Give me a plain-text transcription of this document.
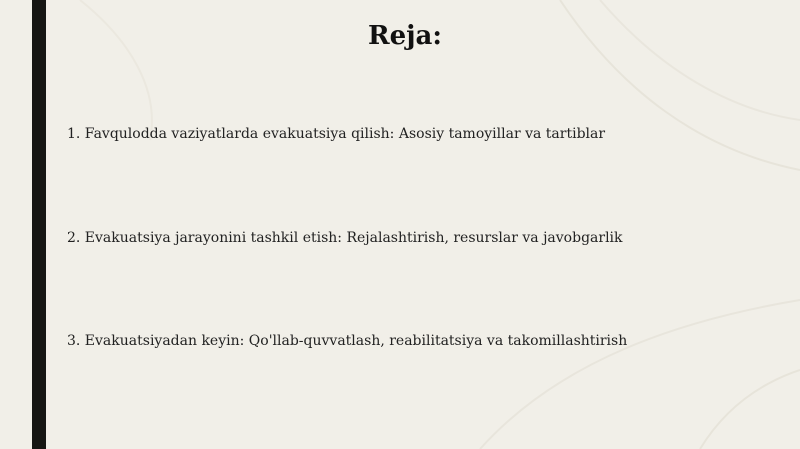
Reja:
1. Favqulodda vaziyatlarda evakuatsiya qilish: Asosiy tamoyillar va tartiblar
2. Evakuatsiya jarayonini tashkil etish: Rejalashtirish, resurslar va javobgarlik
3. Evakuatsiyadan keyin: Qo'llab-quvvatlash, reabilitatsiya va takomillashtirish
